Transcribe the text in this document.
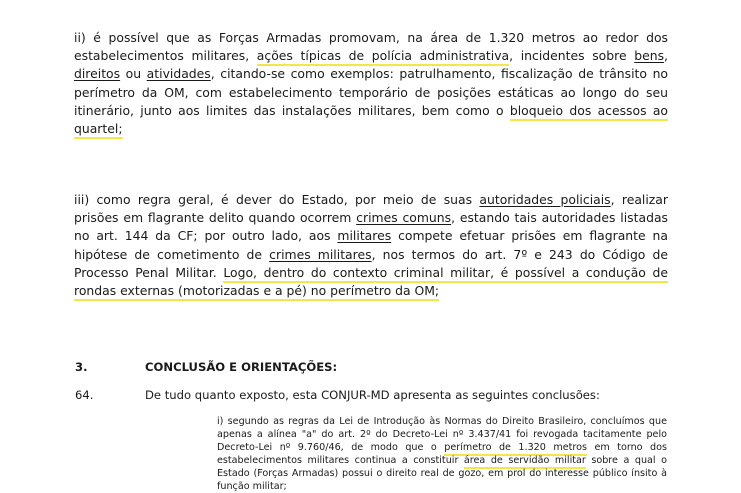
ii) é possível que as Forças Armadas promovam, na área de 1.320 metros ao redor dos estabelecimentos militares, ações típicas de polícia administrativa, incidentes sobre bens, direitos ou atividades, citando-se como exemplos: patrulhamento, fiscalização de trânsito no perímetro da OM, com estabelecimento temporário de posições estáticas ao longo do seu itinerário, junto aos limites das instalações militares, bem como o bloqueio dos acessos ao quartel;

iii) como regra geral, é dever do Estado, por meio de suas autoridades policiais, realizar prisões em flagrante delito quando ocorrem crimes comuns, estando tais autoridades listadas no art. 144 da CF; por outro lado, aos militares compete efetuar prisões em flagrante na hipótese de cometimento de crimes militares, nos termos do art. 7º e 243 do Código de Processo Penal Militar. Logo, dentro do contexto criminal militar, é possível a condução de rondas externas (motorizadas e a pé) no perímetro da OM;

3.	CONCLUSÃO E ORIENTAÇÕES:
64.	De tudo quanto exposto, esta CONJUR-MD apresenta as seguintes conclusões:

i) segundo as regras da Lei de Introdução às Normas do Direito Brasileiro, concluímos que apenas a alínea "a" do art. 2º do Decreto-Lei nº 3.437/41 foi revogada tacitamente pelo Decreto-Lei nº 9.760/46, de modo que o perímetro de 1.320 metros em torno dos estabelecimentos militares continua a constituir área de servidão militar sobre a qual o Estado (Forças Armadas) possui o direito real de gozo, em prol do interesse público ínsito à função militar;
